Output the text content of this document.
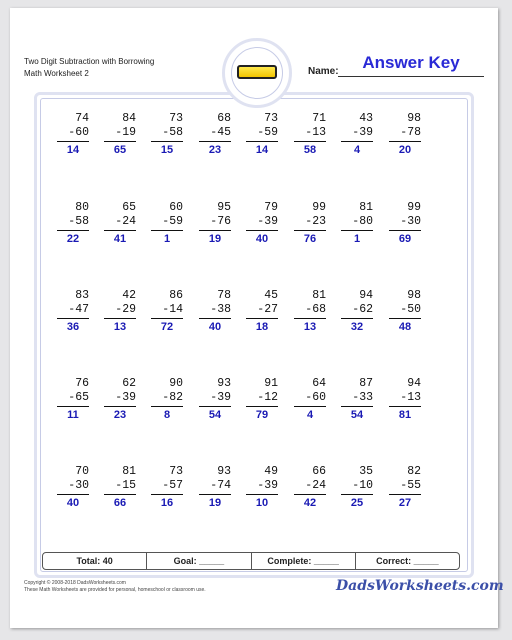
Two Digit Subtraction with Borrowing
Math Worksheet 2	Name:	Answer Key
74
-60
14
84
-19
65
73
-58
15
68
-45
23
73
-59
14
71
-13
58
43
-39
4
98
-78
20
80
-58
22
65
-24
41
60
-59
1
95
-76
19
79
-39
40
99
-23
76
81
-80
1
99
-30
69
83
-47
36
42
-29
13
86
-14
72
78
-38
40
45
-27
18
81
-68
13
94
-62
32
98
-50
48
76
-65
11
62
-39
23
90
-82
8
93
-39
54
91
-12
79
64
-60
4
87
-33
54
94
-13
81
70
-30
40
81
-15
66
73
-57
16
93
-74
19
49
-39
10
66
-24
42
35
-10
25
82
-55
27
Total: 40	Goal: _____	Complete: _____	Correct: _____
Copyright © 2008-2018 DadsWorksheets.com
These Math Worksheets are provided for personal, homeschool or classroom use.	DadsWorksheets.com
